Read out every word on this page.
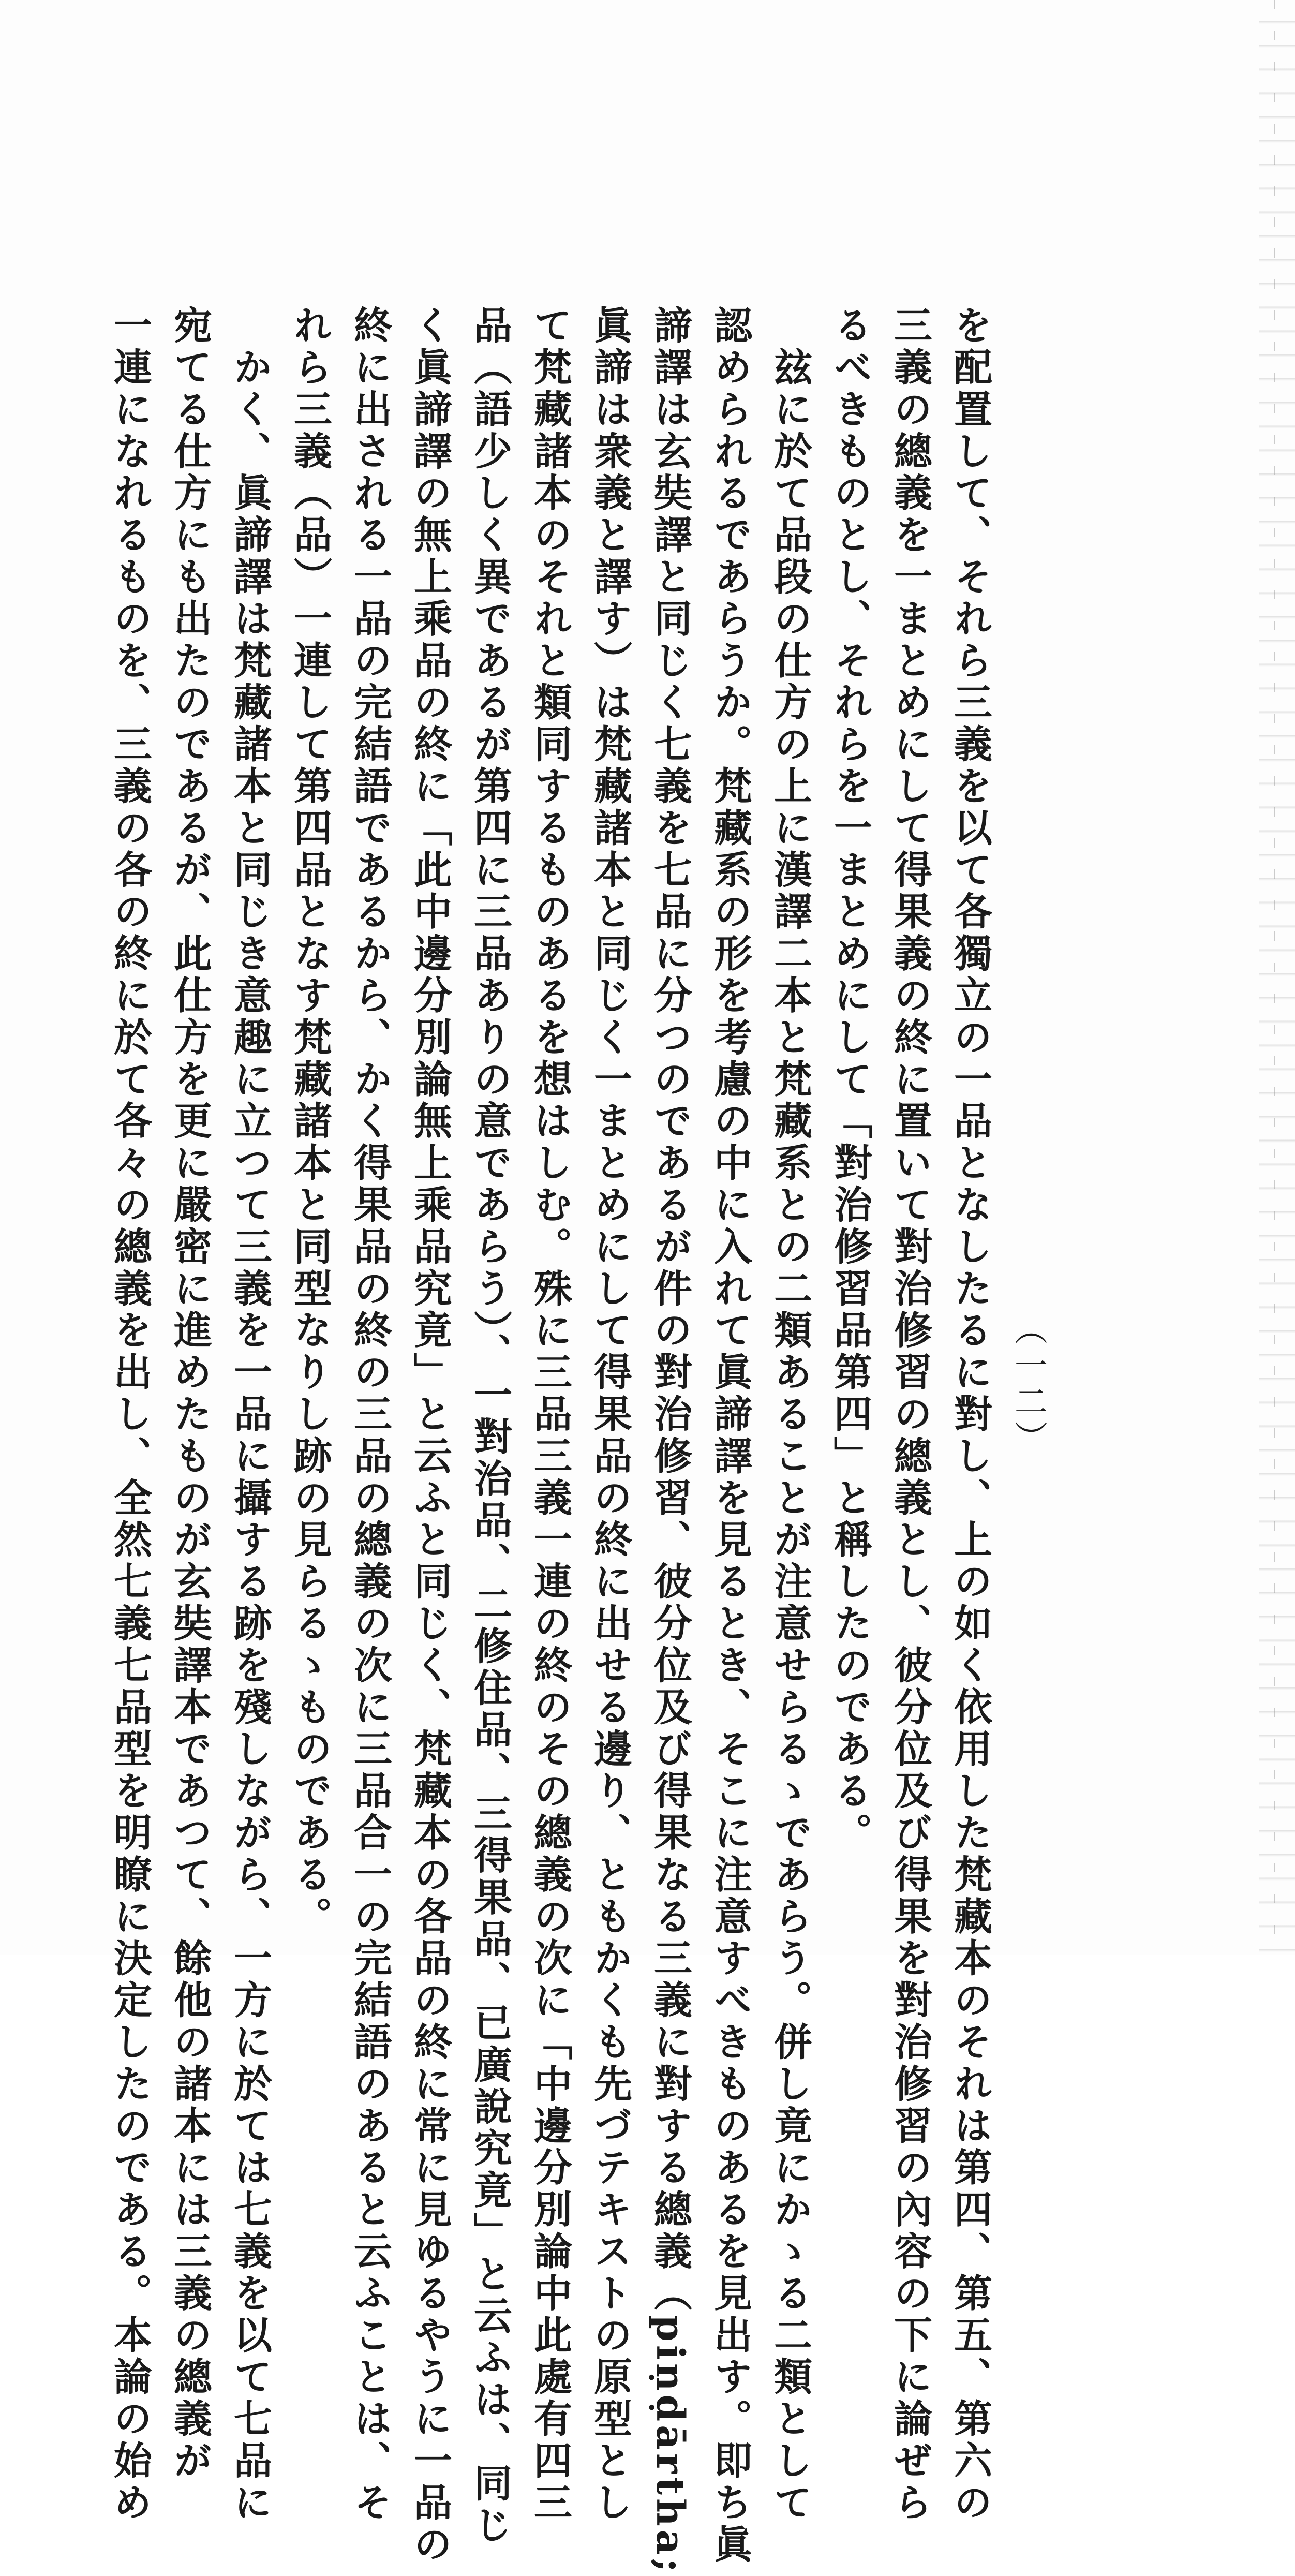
（一二）
を配置して、それら三義を以て各獨立の一品となしたるに對し、上の如く依用した梵藏本のそれは第四、第五、第六の
三義の總義を一まとめにして得果義の終に置いて對治修習の總義とし、彼分位及び得果を對治修習の內容の下に論ぜら
るべきものとし、それらを一まとめにして「對治修習品第四」と稱したのである。
　玆に於て品段の仕方の上に漢譯二本と梵藏系との二類あることが注意せらるゝであらう。併し竟にかゝる二類として
認められるであらうか。梵藏系の形を考慮の中に入れて眞諦譯を見るとき、そこに注意すべきものあるを見出す。即ち眞
諦譯は玄奘譯と同じく七義を七品に分つのであるが件の對治修習、彼分位及び得果なる三義に對する總義（piṇḍārtha;
眞諦は衆義と譯す）は梵藏諸本と同じく一まとめにして得果品の終に出せる邊り、ともかくも先づテキストの原型とし
て梵藏諸本のそれと類同するものあるを想はしむ。殊に三品三義一連の終のその總義の次に「中邊分別論中此處有四三
品（語少しく異であるが第四に三品ありの意であらう）、一對治品、二修住品、三得果品、已廣說究竟」と云ふは、同じ
く眞諦譯の無上乘品の終に「此中邊分別論無上乘品究竟」と云ふと同じく、梵藏本の各品の終に常に見ゆるやうに一品の
終に出される一品の完結語であるから、かく得果品の終の三品の總義の次に三品合一の完結語のあると云ふことは、そ
れら三義（品）一連して第四品となす梵藏諸本と同型なりし跡の見らるゝものである。
　かく、眞諦譯は梵藏諸本と同じき意趣に立つて三義を一品に攝する跡を殘しながら、一方に於ては七義を以て七品に
宛てる仕方にも出たのであるが、此仕方を更に嚴密に進めたものが玄奘譯本であつて、餘他の諸本には三義の總義が
一連になれるものを、三義の各の終に於て各々の總義を出し、全然七義七品型を明瞭に決定したのである。本論の始め
